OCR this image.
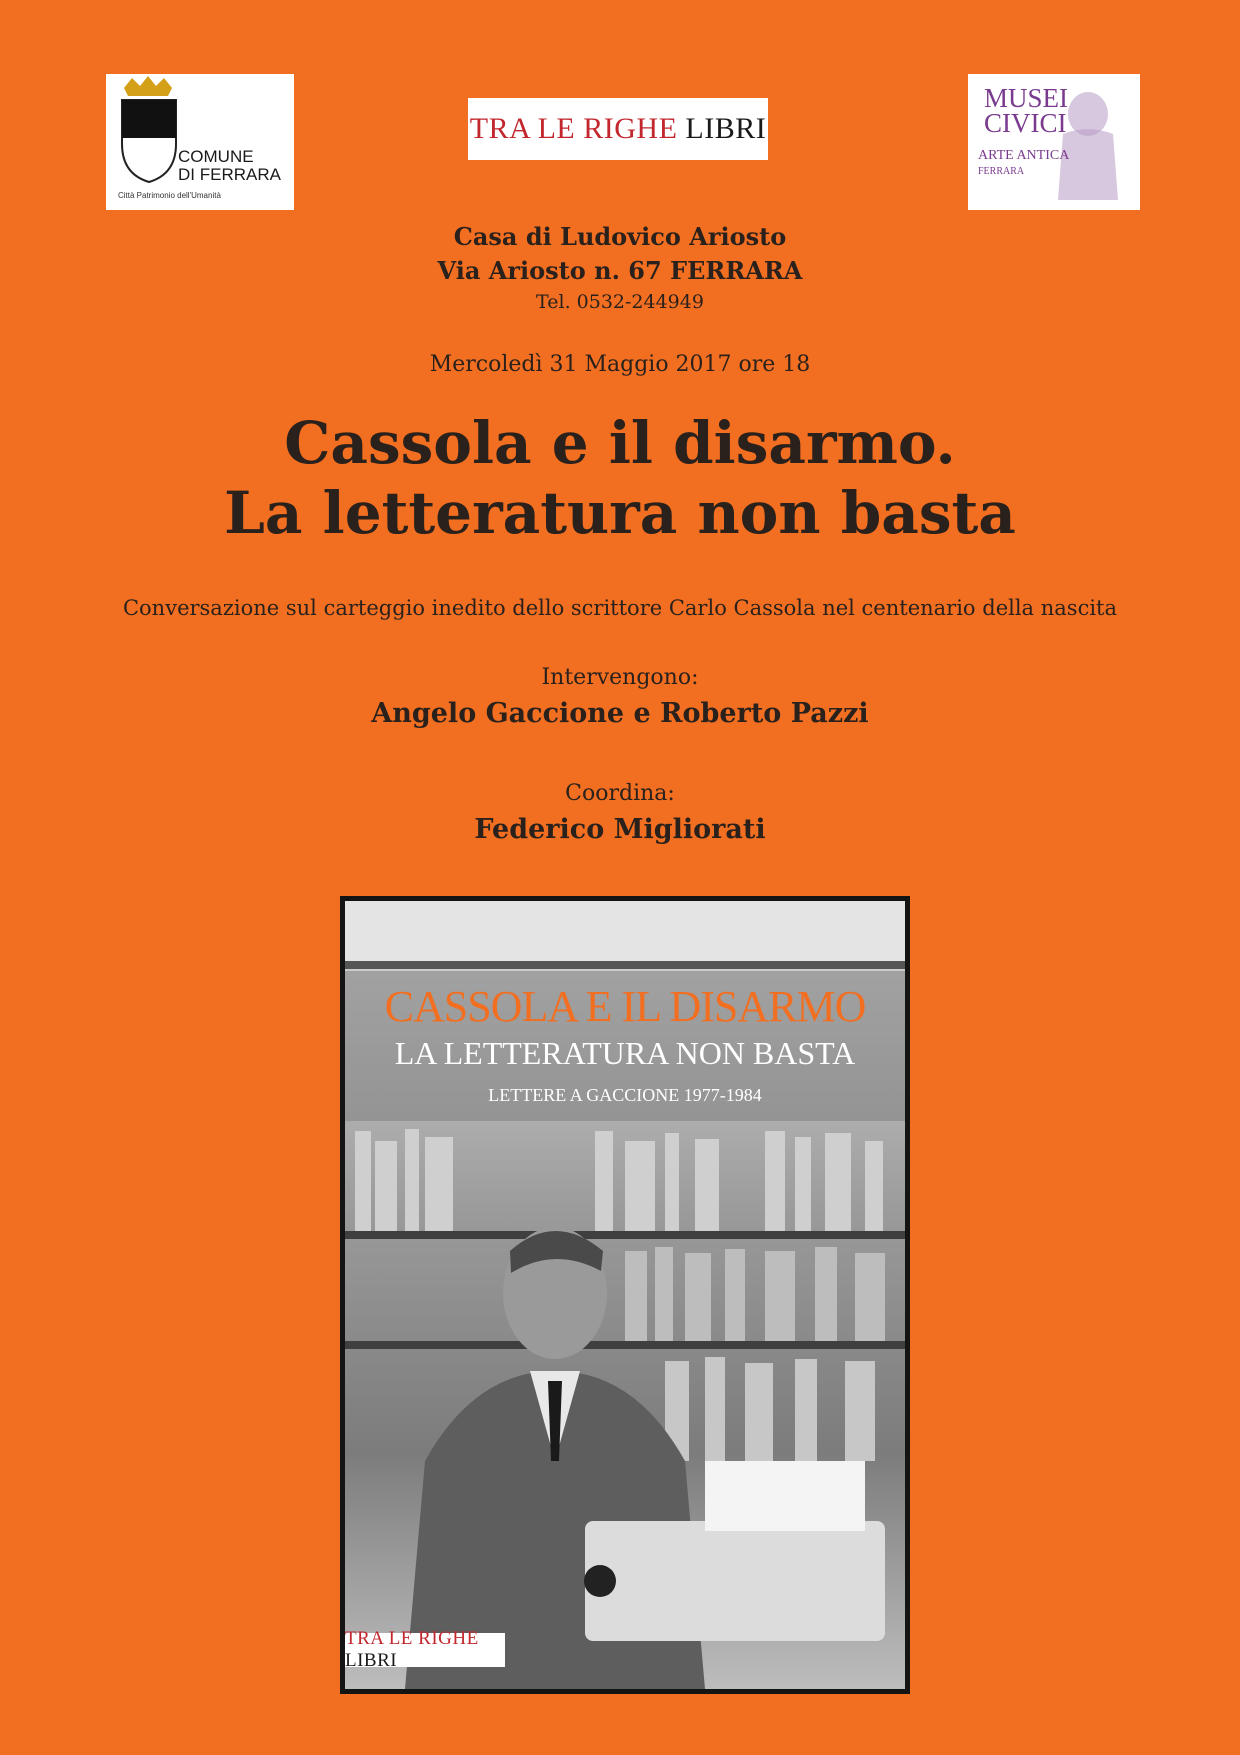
COMUNE
DI FERRARA
Città Patrimonio dell'Umanità
TRA LE RIGHE LIBRI
MUSEI
CIVICI
ARTE ANTICA
FERRARA
Casa di Ludovico Ariosto
Via Ariosto n. 67 FERRARA
Tel. 0532-244949
Mercoledì 31 Maggio 2017 ore 18
Cassola e il disarmo.
La letteratura non basta
Conversazione sul carteggio inedito dello scrittore Carlo Cassola nel centenario della nascita
Intervengono:
Angelo Gaccione e Roberto Pazzi
Coordina:
Federico Migliorati
CASSOLA E IL DISARMO
LA LETTERATURA NON BASTA
LETTERE A GACCIONE 1977-1984
TRA LE RIGHE LIBRI
